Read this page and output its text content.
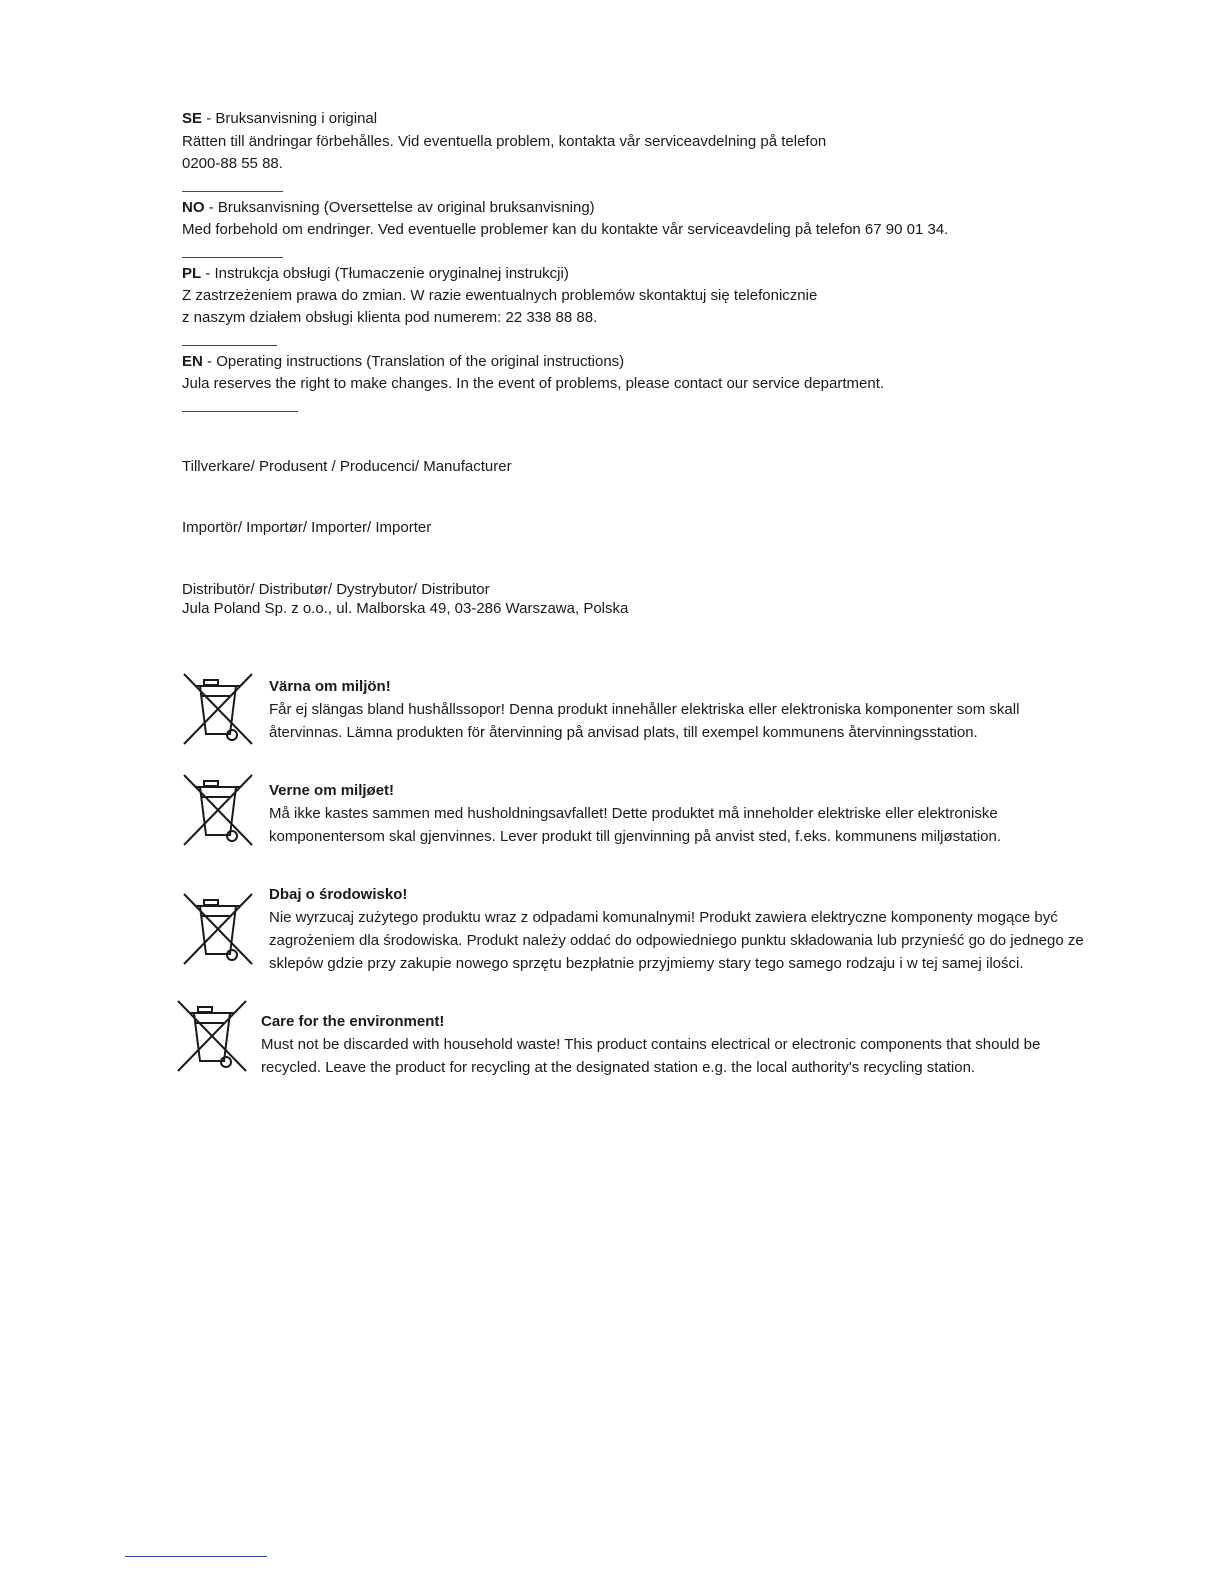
SE - Bruksanvisning i original
Rätten till ändringar förbehålles. Vid eventuella problem, kontakta vår serviceavdelning på telefon
0200-88 55 88.
NO - Bruksanvisning (Oversettelse av original bruksanvisning)
Med forbehold om endringer. Ved eventuelle problemer kan du kontakte vår serviceavdeling på telefon 67 90 01 34.
PL - Instrukcja obsługi (Tłumaczenie oryginalnej instrukcji)
Z zastrzeżeniem prawa do zmian. W razie ewentualnych problemów skontaktuj się telefonicznie
z naszym działem obsługi klienta pod numerem: 22 338 88 88.
EN - Operating instructions (Translation of the original instructions)
Jula reserves the right to make changes. In the event of problems, please contact our service department.
Tillverkare/ Produsent / Producenci/ Manufacturer
Importör/ Importør/ Importer/ Importer
Distributör/ Distributør/ Dystrybutor/ Distributor
Jula Poland Sp. z o.o., ul. Malborska 49, 03-286 Warszawa, Polska
Värna om miljön!
Får ej slängas bland hushållssopor! Denna produkt innehåller elektriska eller elektroniska komponenter som skall
återvinnas. Lämna produkten för återvinning på anvisad plats, till exempel kommunens återvinningsstation.
Verne om miljøet!
Må ikke kastes sammen med husholdningsavfallet! Dette produktet må inneholder elektriske eller elektroniske
komponentersom skal gjenvinnes. Lever produkt till gjenvinning på anvist sted, f.eks. kommunens miljøstation.
Dbaj o środowisko!
Nie wyrzucaj zużytego produktu wraz z odpadami komunalnymi! Produkt zawiera elektryczne komponenty mogące być
zagrożeniem dla środowiska. Produkt należy oddać do odpowiedniego punktu składowania lub przynieść go do jednego ze
sklepów gdzie przy zakupie nowego sprzętu bezpłatnie przyjmiemy stary tego samego rodzaju i w tej samej ilości.
Care for the environment!
Must not be discarded with household waste! This product contains electrical or electronic components that should be
recycled. Leave the product for recycling at the designated station e.g. the local authority's recycling station.
